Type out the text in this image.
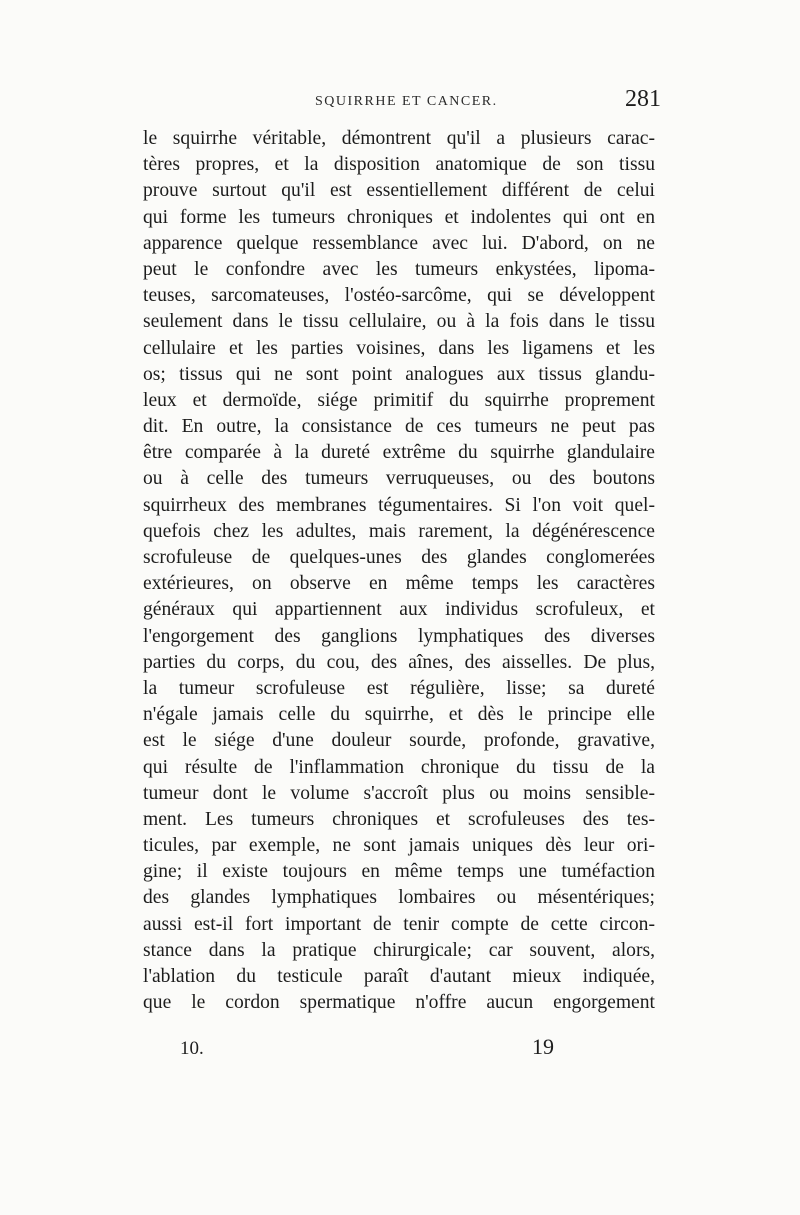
SQUIRRHE ET CANCER.	281
le squirrhe véritable, démontrent qu'il a plusieurs carac-
tères propres, et la disposition anatomique de son tissu
prouve surtout qu'il est essentiellement différent de celui
qui forme les tumeurs chroniques et indolentes qui ont en
apparence quelque ressemblance avec lui. D'abord, on ne
peut le confondre avec les tumeurs enkystées, lipoma-
teuses, sarcomateuses, l'ostéo-sarcôme, qui se développent
seulement dans le tissu cellulaire, ou à la fois dans le tissu
cellulaire et les parties voisines, dans les ligamens et les
os; tissus qui ne sont point analogues aux tissus glandu-
leux et dermoïde, siége primitif du squirrhe proprement
dit. En outre, la consistance de ces tumeurs ne peut pas
être comparée à la dureté extrême du squirrhe glandulaire
ou à celle des tumeurs verruqueuses, ou des boutons
squirrheux des membranes tégumentaires. Si l'on voit quel-
quefois chez les adultes, mais rarement, la dégénérescence
scrofuleuse de quelques-unes des glandes conglomerées
extérieures, on observe en même temps les caractères
généraux qui appartiennent aux individus scrofuleux, et
l'engorgement des ganglions lymphatiques des diverses
parties du corps, du cou, des aînes, des aisselles. De plus,
la tumeur scrofuleuse est régulière, lisse; sa dureté
n'égale jamais celle du squirrhe, et dès le principe elle
est le siége d'une douleur sourde, profonde, gravative,
qui résulte de l'inflammation chronique du tissu de la
tumeur dont le volume s'accroît plus ou moins sensible-
ment. Les tumeurs chroniques et scrofuleuses des tes-
ticules, par exemple, ne sont jamais uniques dès leur ori-
gine; il existe toujours en même temps une tuméfaction
des glandes lymphatiques lombaires ou mésentériques;
aussi est-il fort important de tenir compte de cette circon-
stance dans la pratique chirurgicale; car souvent, alors,
l'ablation du testicule paraît d'autant mieux indiquée,
que le cordon spermatique n'offre aucun engorgement
10.	19
